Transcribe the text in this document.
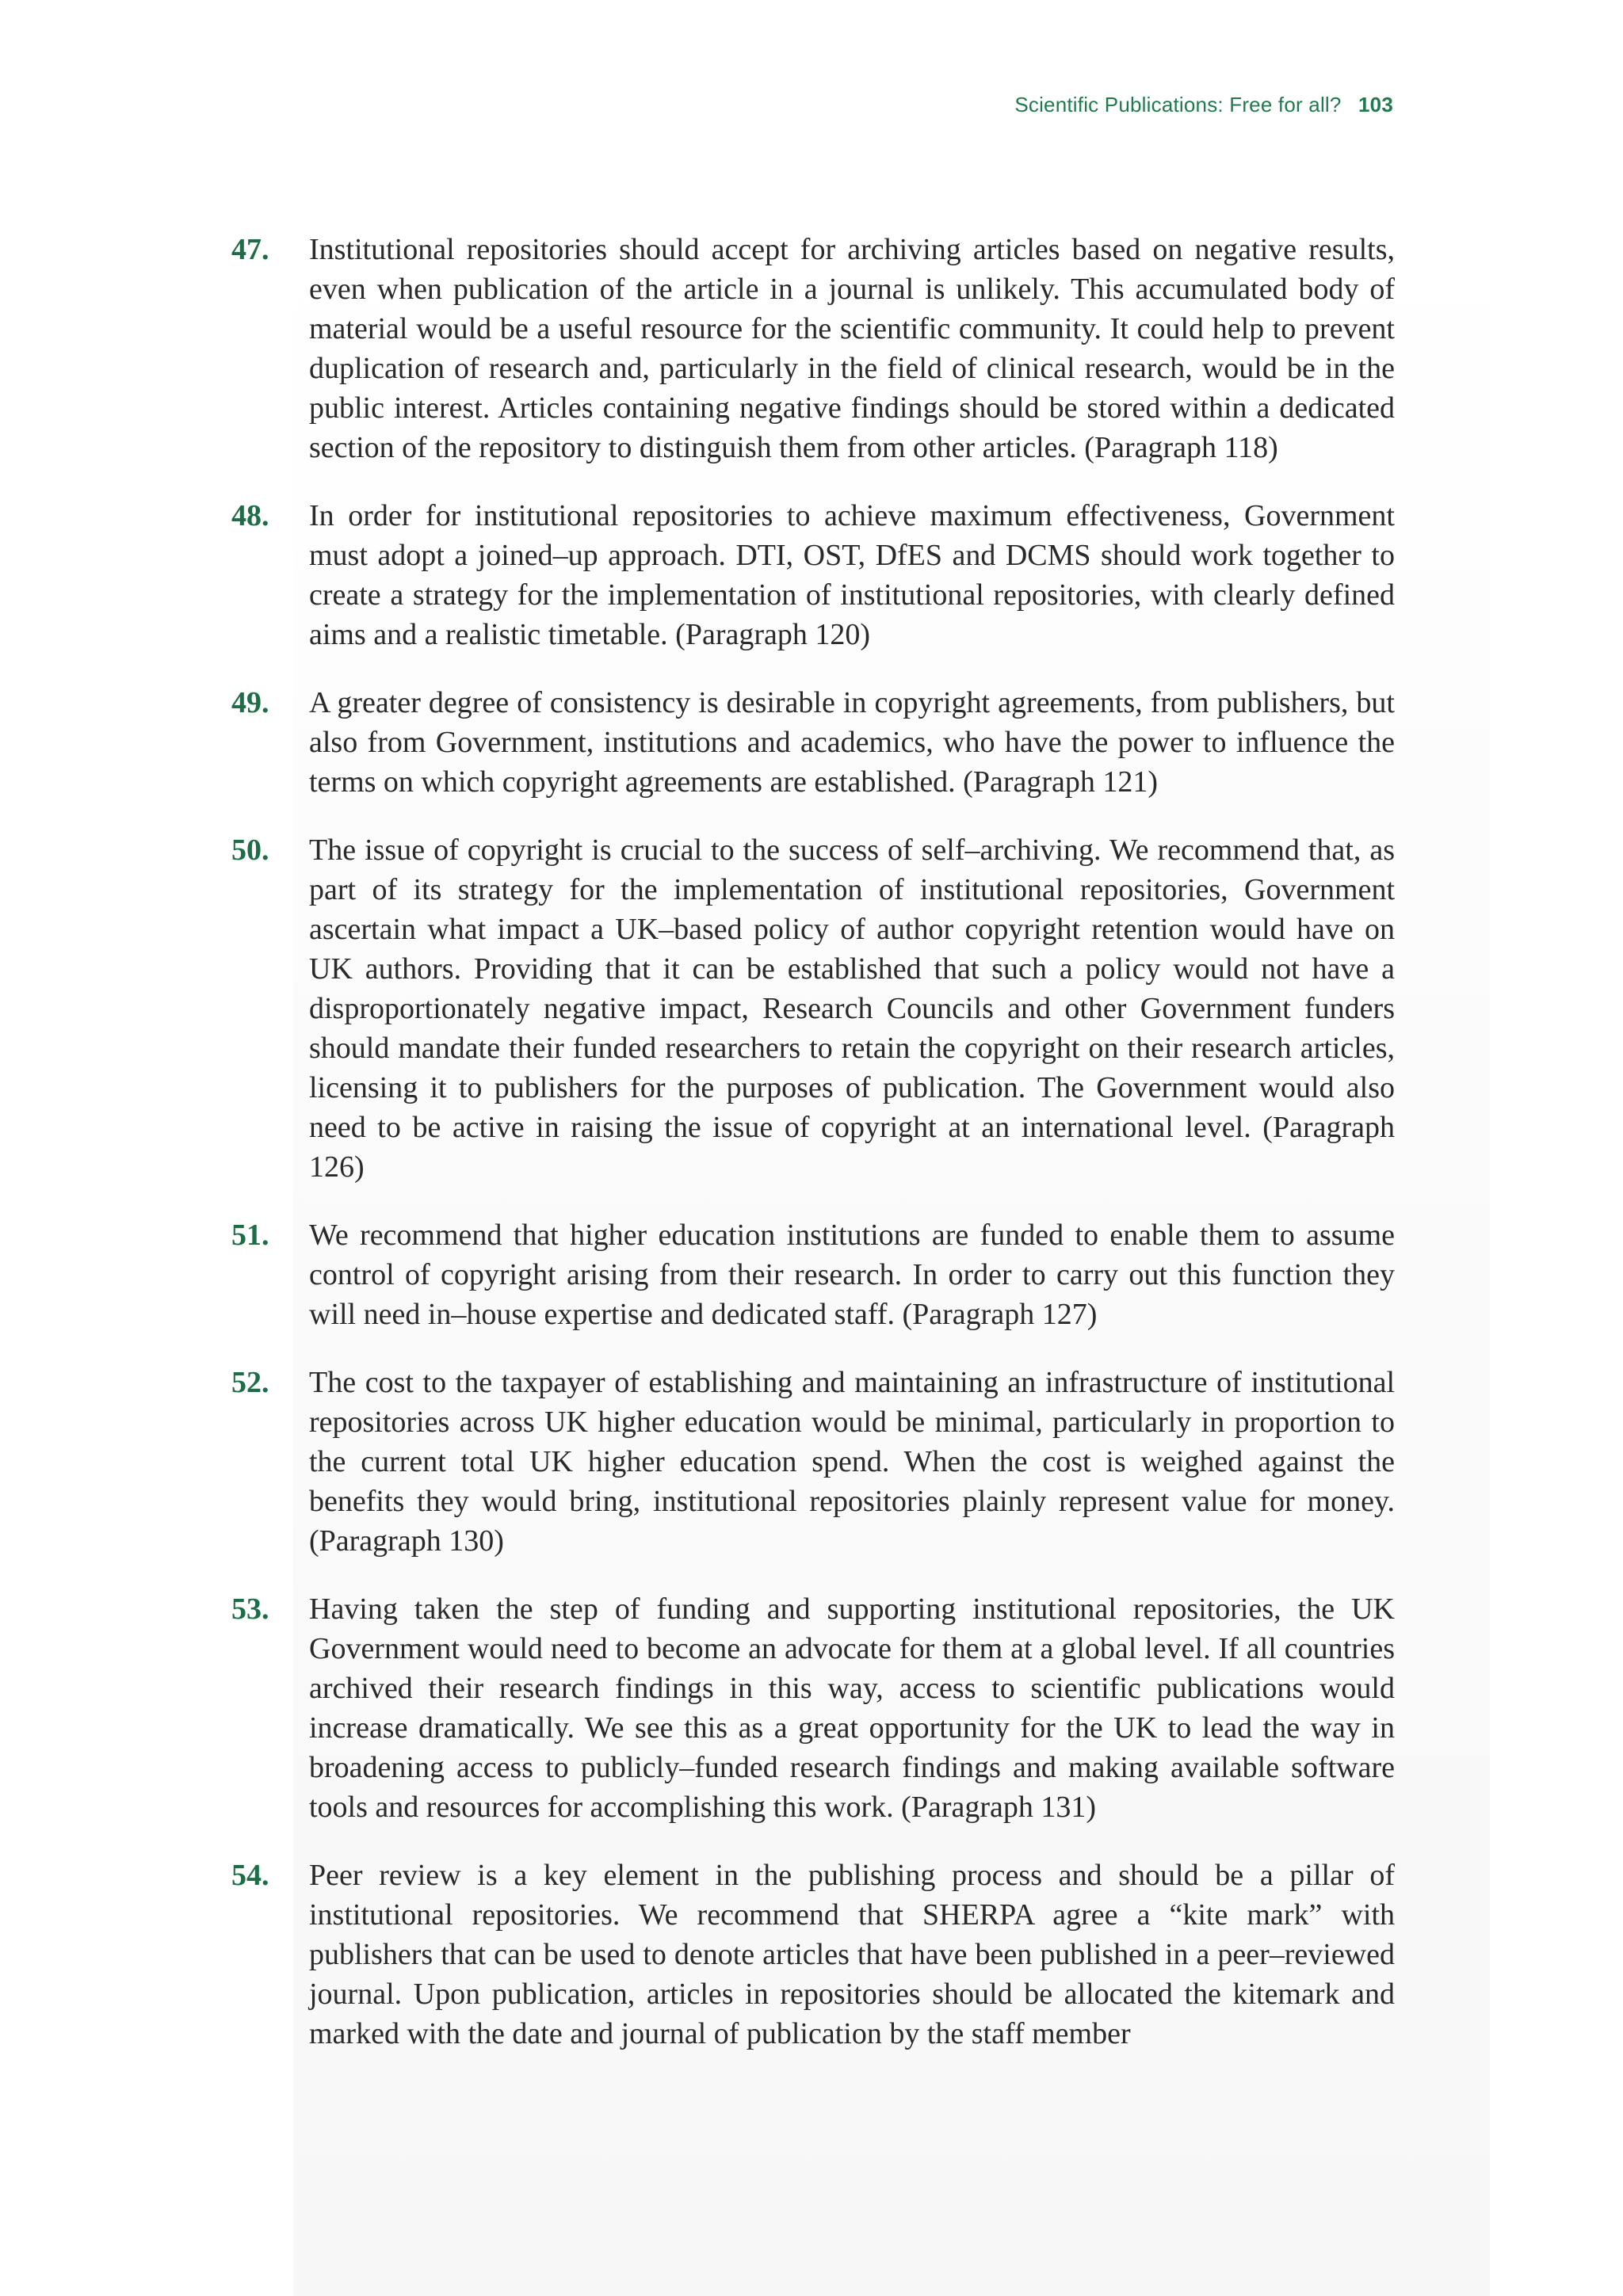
Scientific Publications: Free for all? 103
47.	Institutional repositories should accept for archiving articles based on negative results, even when publication of the article in a journal is unlikely. This accumulated body of material would be a useful resource for the scientific community. It could help to prevent duplication of research and, particularly in the field of clinical research, would be in the public interest. Articles containing negative findings should be stored within a dedicated section of the repository to distinguish them from other articles. (Paragraph 118)
48.	In order for institutional repositories to achieve maximum effectiveness, Government must adopt a joined–up approach. DTI, OST, DfES and DCMS should work together to create a strategy for the implementation of institutional repositories, with clearly defined aims and a realistic timetable. (Paragraph 120)
49.	A greater degree of consistency is desirable in copyright agreements, from publishers, but also from Government, institutions and academics, who have the power to influence the terms on which copyright agreements are established. (Paragraph 121)
50.	The issue of copyright is crucial to the success of self–archiving. We recommend that, as part of its strategy for the implementation of institutional repositories, Government ascertain what impact a UK–based policy of author copyright retention would have on UK authors. Providing that it can be established that such a policy would not have a disproportionately negative impact, Research Councils and other Government funders should mandate their funded researchers to retain the copyright on their research articles, licensing it to publishers for the purposes of publication. The Government would also need to be active in raising the issue of copyright at an international level. (Paragraph 126)
51.	We recommend that higher education institutions are funded to enable them to assume control of copyright arising from their research. In order to carry out this function they will need in–house expertise and dedicated staff. (Paragraph 127)
52.	The cost to the taxpayer of establishing and maintaining an infrastructure of institutional repositories across UK higher education would be minimal, particularly in proportion to the current total UK higher education spend. When the cost is weighed against the benefits they would bring, institutional repositories plainly represent value for money. (Paragraph 130)
53.	Having taken the step of funding and supporting institutional repositories, the UK Government would need to become an advocate for them at a global level. If all countries archived their research findings in this way, access to scientific publications would increase dramatically. We see this as a great opportunity for the UK to lead the way in broadening access to publicly–funded research findings and making available software tools and resources for accomplishing this work. (Paragraph 131)
54.	Peer review is a key element in the publishing process and should be a pillar of institutional repositories. We recommend that SHERPA agree a “kite mark” with publishers that can be used to denote articles that have been published in a peer–reviewed journal. Upon publication, articles in repositories should be allocated the kitemark and marked with the date and journal of publication by the staff member
